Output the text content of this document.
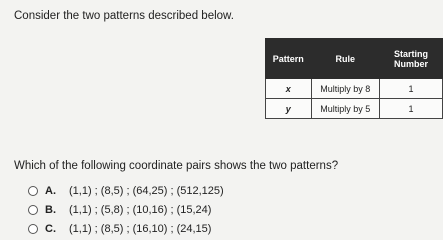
Consider the two patterns described below.
Pattern	Rule	Starting Number
x	Multiply by 8	1
y	Multiply by 5	1
Which of the following coordinate pairs shows the two patterns?
A.	(1,1) ; (8,5) ; (64,25) ; (512,125)
B.	(1,1) ; (5,8) ; (10,16) ; (15,24)
C.	(1,1) ; (8,5) ; (16,10) ; (24,15)
